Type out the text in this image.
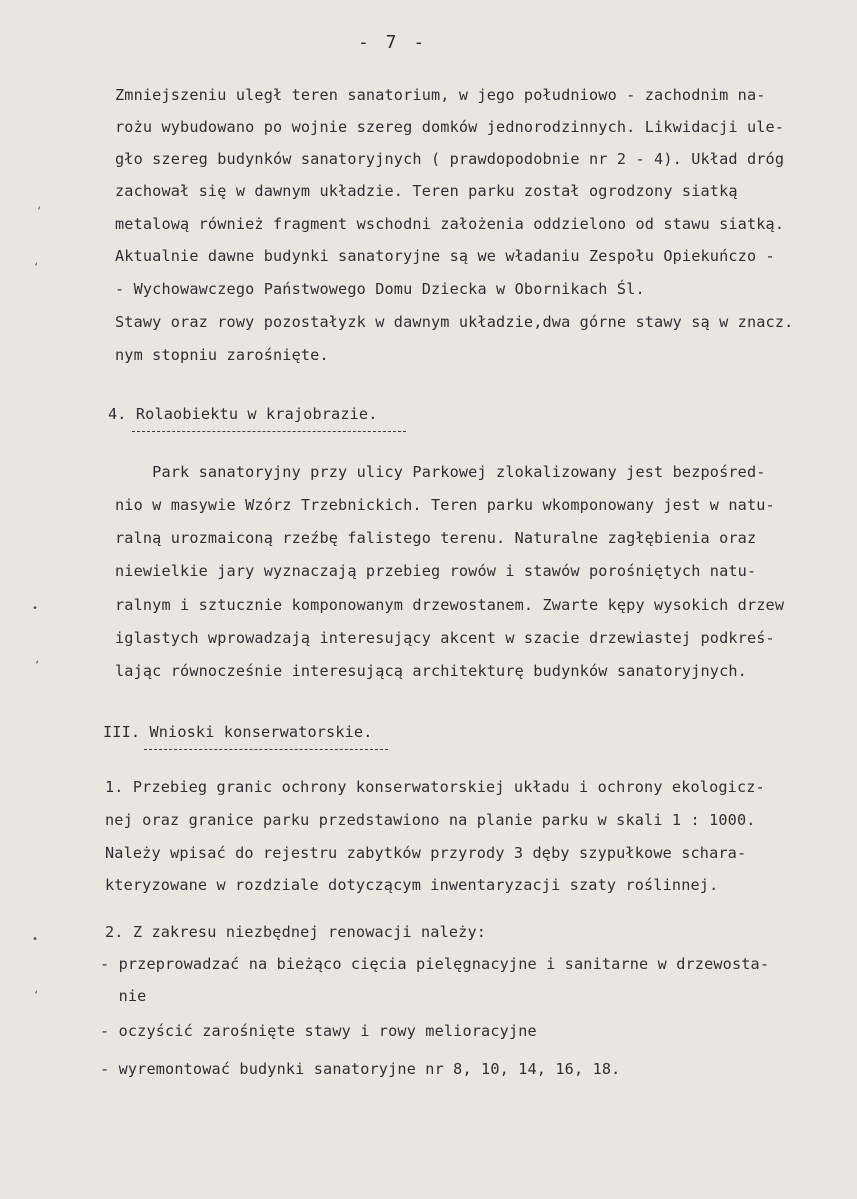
- 7 -
Zmniejszeniu uległ teren sanatorium, w jego południowo - zachodnim na-
rożu wybudowano po wojnie szereg domków jednorodzinnych. Likwidacji ule-
gło szereg budynków sanatoryjnych ( prawdopodobnie nr 2 - 4). Układ dróg
zachował się w dawnym układzie. Teren parku został ogrodzony siatką
metalową również fragment wschodni założenia oddzielono od stawu siatką.
Aktualnie dawne budynki sanatoryjne są we władaniu Zespołu Opiekuńczo -
- Wychowawczego Państwowego Domu Dziecka w Obornikach Śl.
Stawy oraz rowy pozostałyzk w dawnym układzie,dwa górne stawy są w znacz.
nym stopniu zarośnięte.
4. Rolaobiektu w krajobrazie.
Park sanatoryjny przy ulicy Parkowej zlokalizowany jest bezpośred-
nio w masywie Wzórz Trzebnickich. Teren parku wkomponowany jest w natu-
ralną urozmaiconą rzeźbę falistego terenu. Naturalne zagłębienia oraz
niewielkie jary wyznaczają przebieg rowów i stawów porośniętych natu-
ralnym i sztucznie komponowanym drzewostanem. Zwarte kępy wysokich drzew
iglastych wprowadzają interesujący akcent w szacie drzewiastej podkreś-
lając równocześnie interesującą architekturę budynków sanatoryjnych.
III. Wnioski konserwatorskie.
1. Przebieg granic ochrony konserwatorskiej układu i ochrony ekologicz-
nej oraz granice parku przedstawiono na planie parku w skali 1 : 1000.
Należy wpisać do rejestru zabytków przyrody 3 dęby szypułkowe schara-
kteryzowane w rozdziale dotyczącym inwentaryzacji szaty roślinnej.
2. Z zakresu niezbędnej renowacji należy:
- przeprowadzać na bieżąco cięcia pielęgnacyjne i sanitarne w drzewosta-
nie
- oczyścić zarośnięte stawy i rowy melioracyjne
- wyremontować budynki sanatoryjne nr 8, 10, 14, 16, 18.
‘
‘
•
‘
•
‘
